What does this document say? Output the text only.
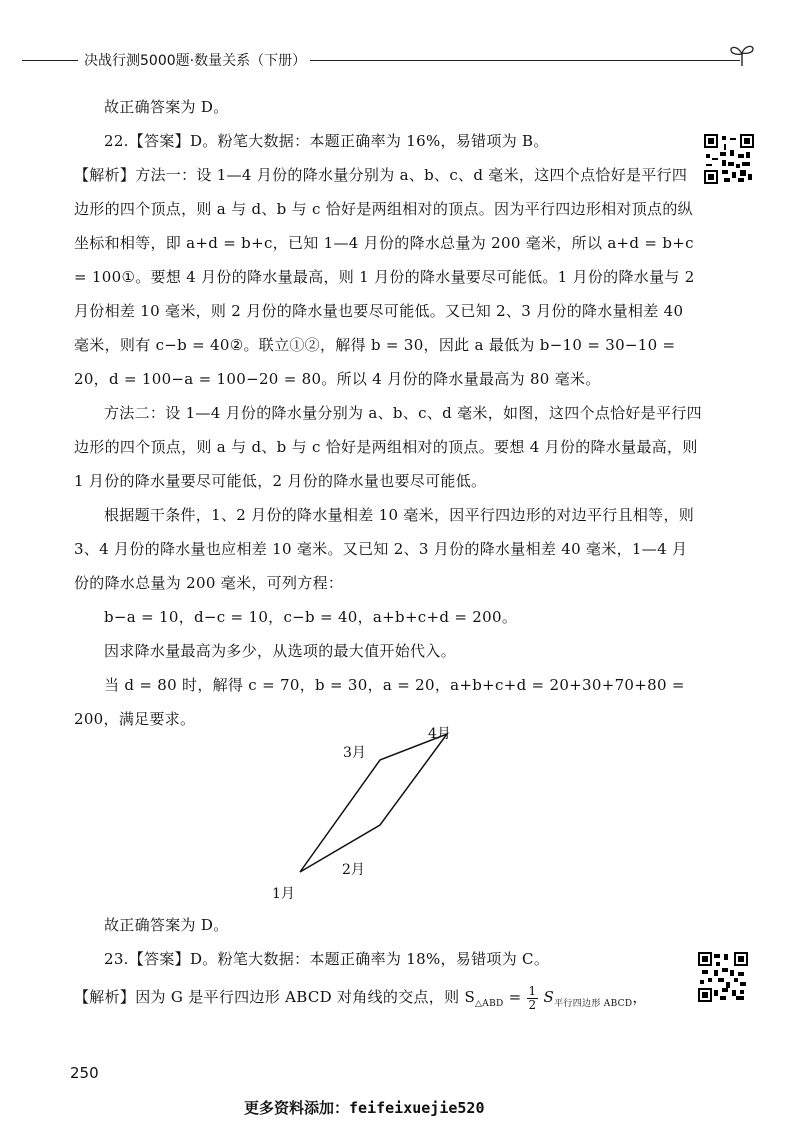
决战行测5000题·数量关系（下册）

故正确答案为 D。

22.【答案】D。粉笔大数据：本题正确率为 16%，易错项为 B。

【解析】方法一：设 1—4 月份的降水量分别为 a、b、c、d 毫米，这四个点恰好是平行四边形的四个顶点，则 a 与 d、b 与 c 恰好是两组相对的顶点。因为平行四边形相对顶点的纵坐标和相等，即 a+d = b+c，已知 1—4 月份的降水总量为 200 毫米，所以 a+d = b+c = 100①。要想 4 月份的降水量最高，则 1 月份的降水量要尽可能低。1 月份的降水量与 2 月份相差 10 毫米，则 2 月份的降水量也要尽可能低。又已知 2、3 月份的降水量相差 40 毫米，则有 c−b = 40②。联立①②，解得 b = 30，因此 a 最低为 b−10 = 30−10 = 20，d = 100−a = 100−20 = 80。所以 4 月份的降水量最高为 80 毫米。

方法二：设 1—4 月份的降水量分别为 a、b、c、d 毫米，如图，这四个点恰好是平行四边形的四个顶点，则 a 与 d、b 与 c 恰好是两组相对的顶点。要想 4 月份的降水量最高，则 1 月份的降水量要尽可能低，2 月份的降水量也要尽可能低。

根据题干条件，1、2 月份的降水量相差 10 毫米，因平行四边形的对边平行且相等，则 3、4 月份的降水量也应相差 10 毫米。又已知 2、3 月份的降水量相差 40 毫米，1—4 月份的降水总量为 200 毫米，可列方程：

b−a = 10，d−c = 10，c−b = 40，a+b+c+d = 200。

因求降水量最高为多少，从选项的最大值开始代入。

当 d = 80 时，解得 c = 70，b = 30，a = 20，a+b+c+d = 20+30+70+80 = 200，满足要求。

1月
2月
3月
4月

故正确答案为 D。

23.【答案】D。粉笔大数据：本题正确率为 18%，易错项为 C。

【解析】因为 G 是平行四边形 ABCD 对角线的交点，则 $S_{\triangle ABD} = \frac{1}{2} S_{平行四边形 ABCD}$，

250
更多资料添加：feifeixuejie520
